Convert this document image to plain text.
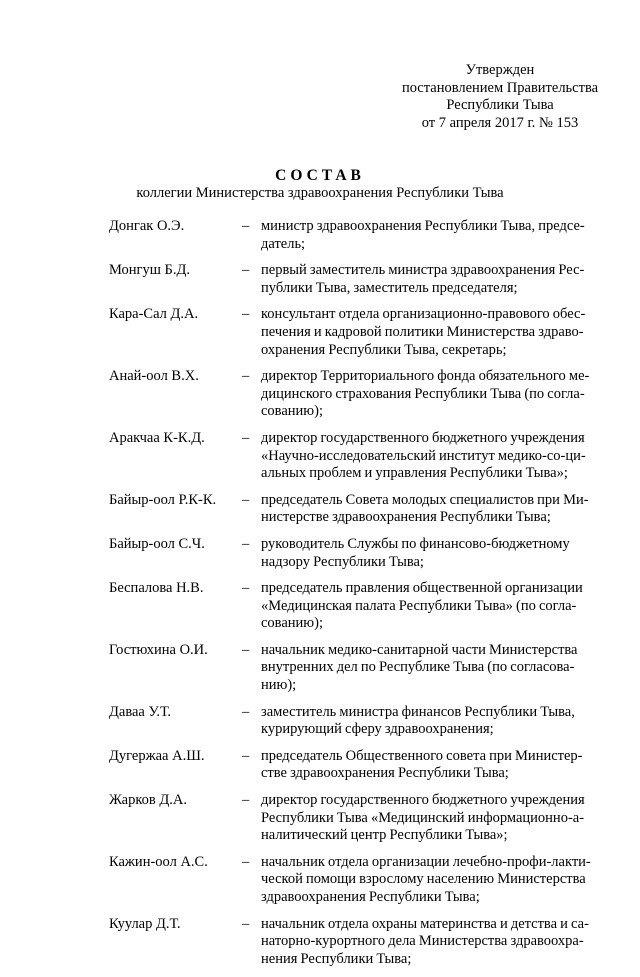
Утвержден
постановлением Правительства
Республики Тыва
от 7 апреля 2017 г. № 153
СОСТАВ
коллегии Министерства здравоохранения Республики Тыва
Донгак О.Э.	– министр здравоохранения Республики Тыва, предсе-
датель;
Монгуш Б.Д.	– первый заместитель министра здравоохранения Рес-
публики Тыва, заместитель председателя;
Кара-Сал Д.А.	– консультант отдела организационно-правового обес-
печения и кадровой политики Министерства здраво-
охранения Республики Тыва, секретарь;
Анай-оол В.Х.	– директор Территориального фонда обязательного ме-
дицинского страхования Республики Тыва (по согла-
сованию);
Аракчаа К-К.Д.	– директор государственного бюджетного учреждения
«Научно-исследовательский институт медико-со-ци-
альных проблем и управления Республики Тыва»;
Байыр-оол Р.К-К. – председатель Совета молодых специалистов при Ми-
нистерстве здравоохранения Республики Тыва;
Байыр-оол С.Ч.	– руководитель Службы по финансово-бюджетному
надзору Республики Тыва;
Беспалова Н.В.	– председатель правления общественной организации
«Медицинская палата Республики Тыва» (по согла-
сованию);
Гостюхина О.И. – начальник медико-санитарной части Министерства
внутренних дел по Республике Тыва (по согласова-
нию);
Даваа У.Т.	– заместитель министра финансов Республики Тыва,
курирующий сферу здравоохранения;
Дугержаа А.Ш.	– председатель Общественного совета при Министер-
стве здравоохранения Республики Тыва;
Жарков Д.А.	– директор государственного бюджетного учреждения
Республики Тыва «Медицинский информационно-а-
налитический центр Республики Тыва»;
Кажин-оол А.С. – начальник отдела организации лечебно-профи-лакти-
ческой помощи взрослому населению Министерства
здравоохранения Республики Тыва;
Куулар Д.Т.	– начальник отдела охраны материнства и детства и са-
наторно-курортного дела Министерства здравоохра-
нения Республики Тыва;
